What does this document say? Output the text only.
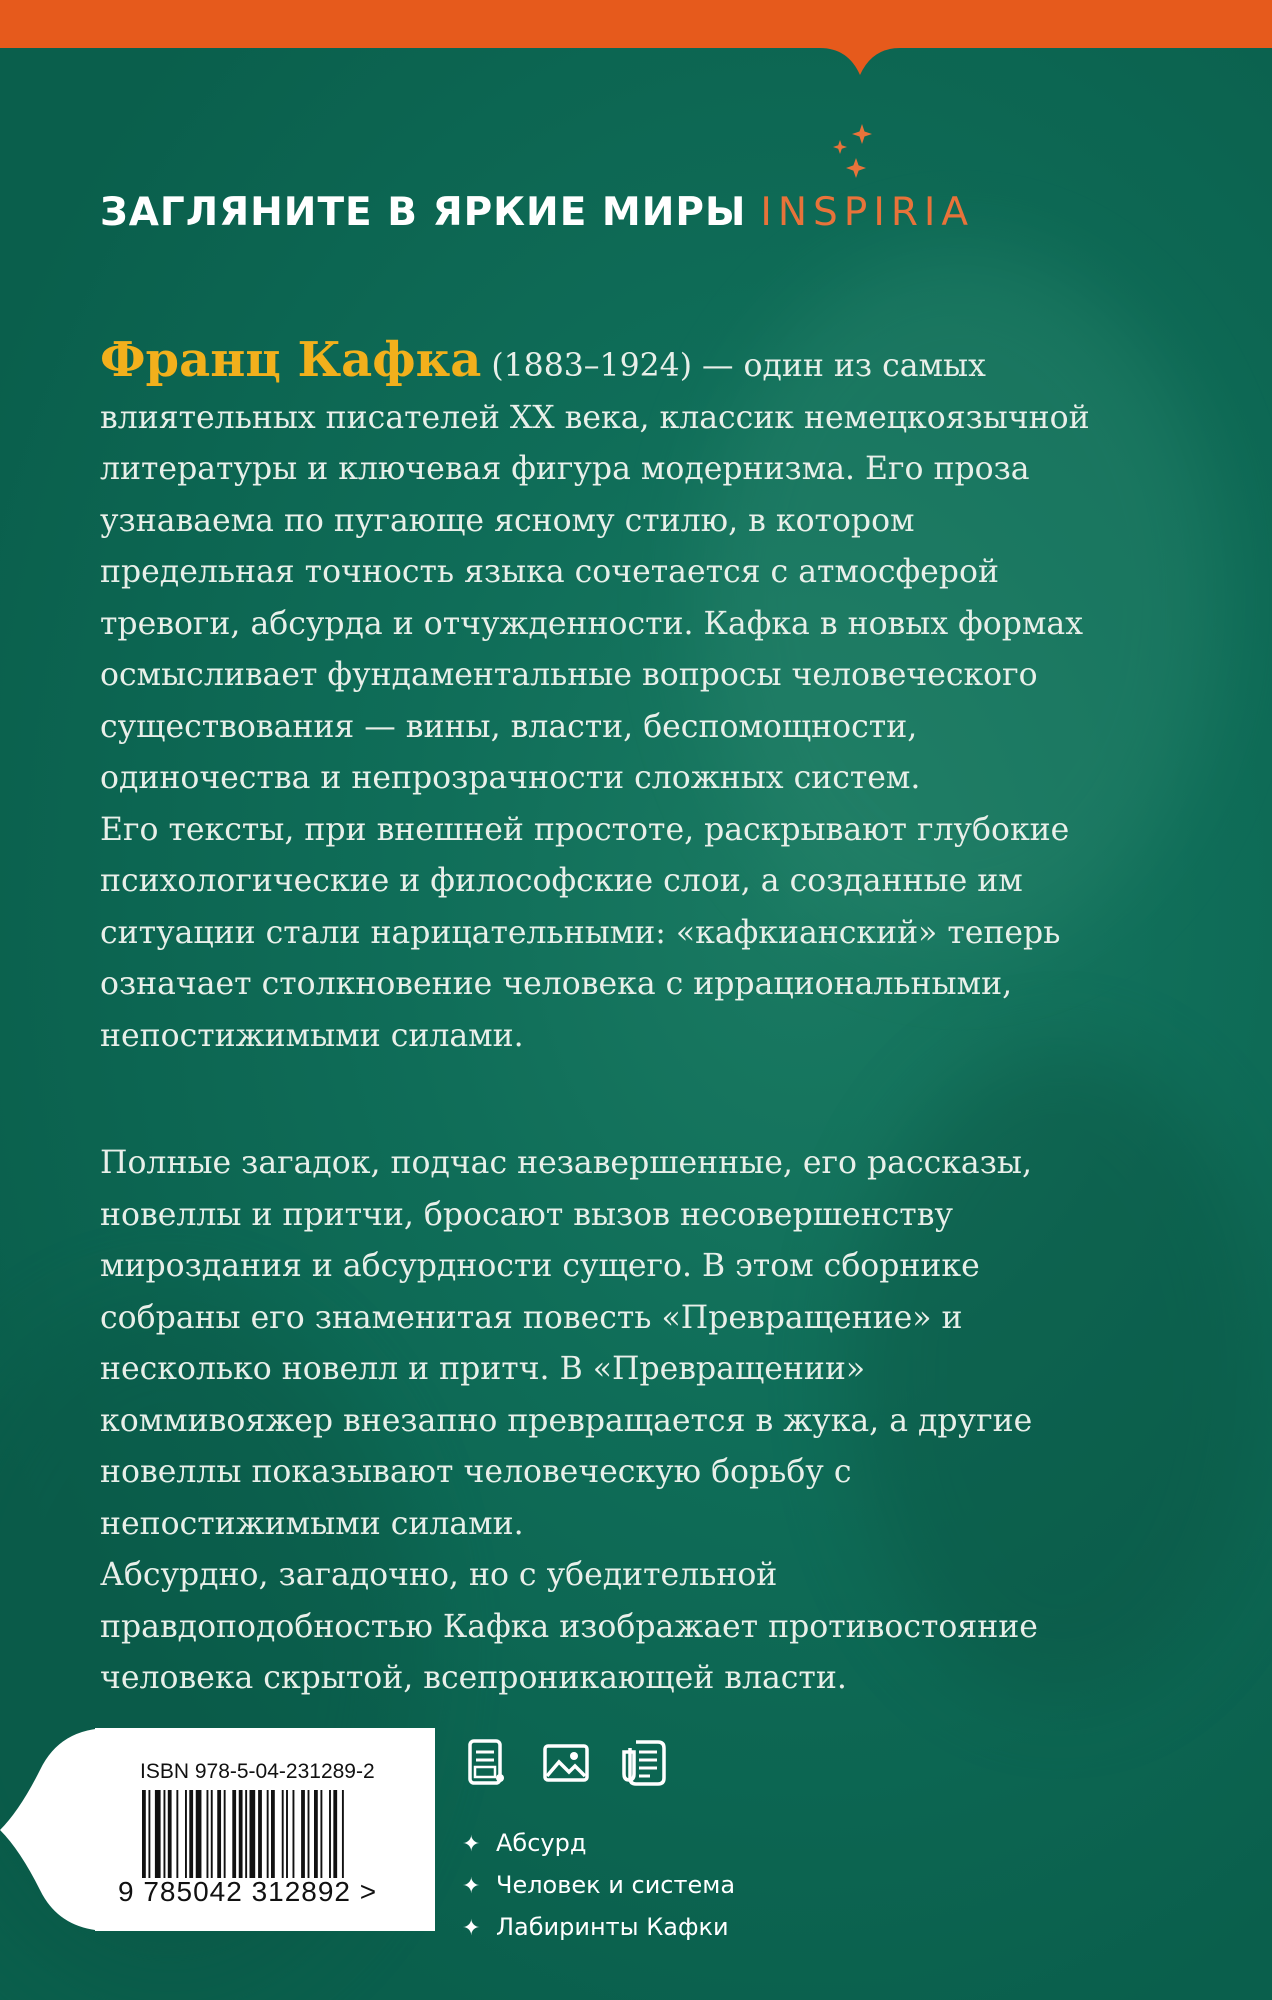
ЗАГЛЯНИТЕ В ЯРКИЕ МИРЫ INSPIRIA
Франц Кафка (1883–1924) — один из самых влиятельных писателей XX века, классик немецкоязычной литературы и ключевая фигура модернизма. Его проза узнаваема по пугающе ясному стилю, в котором предельная точность языка сочетается с атмосферой тревоги, абсурда и отчужденности. Кафка в новых формах осмысливает фундаментальные вопросы человеческого существования — вины, власти, беспомощности, одиночества и непрозрачности сложных систем.
Его тексты, при внешней простоте, раскрывают глубокие психологические и философские слои, а созданные им ситуации стали нарицательными: «кафкианский» теперь означает столкновение человека с иррациональными, непостижимыми силами.
Полные загадок, подчас незавершенные, его рассказы, новеллы и притчи, бросают вызов несовершенству мироздания и абсурдности сущего. В этом сборнике собраны его знаменитая повесть «Превращение» и несколько новелл и притч. В «Превращении» коммивояжер внезапно превращается в жука, а другие новеллы показывают человеческую борьбу с непостижимыми силами.
Абсурдно, загадочно, но с убедительной правдоподобностью Кафка изображает противостояние человека скрытой, всепроникающей власти.
ISBN 978-5-04-231289-2
9 785042 312892 >
✦ Абсурд
✦ Человек и система
✦ Лабиринты Кафки
